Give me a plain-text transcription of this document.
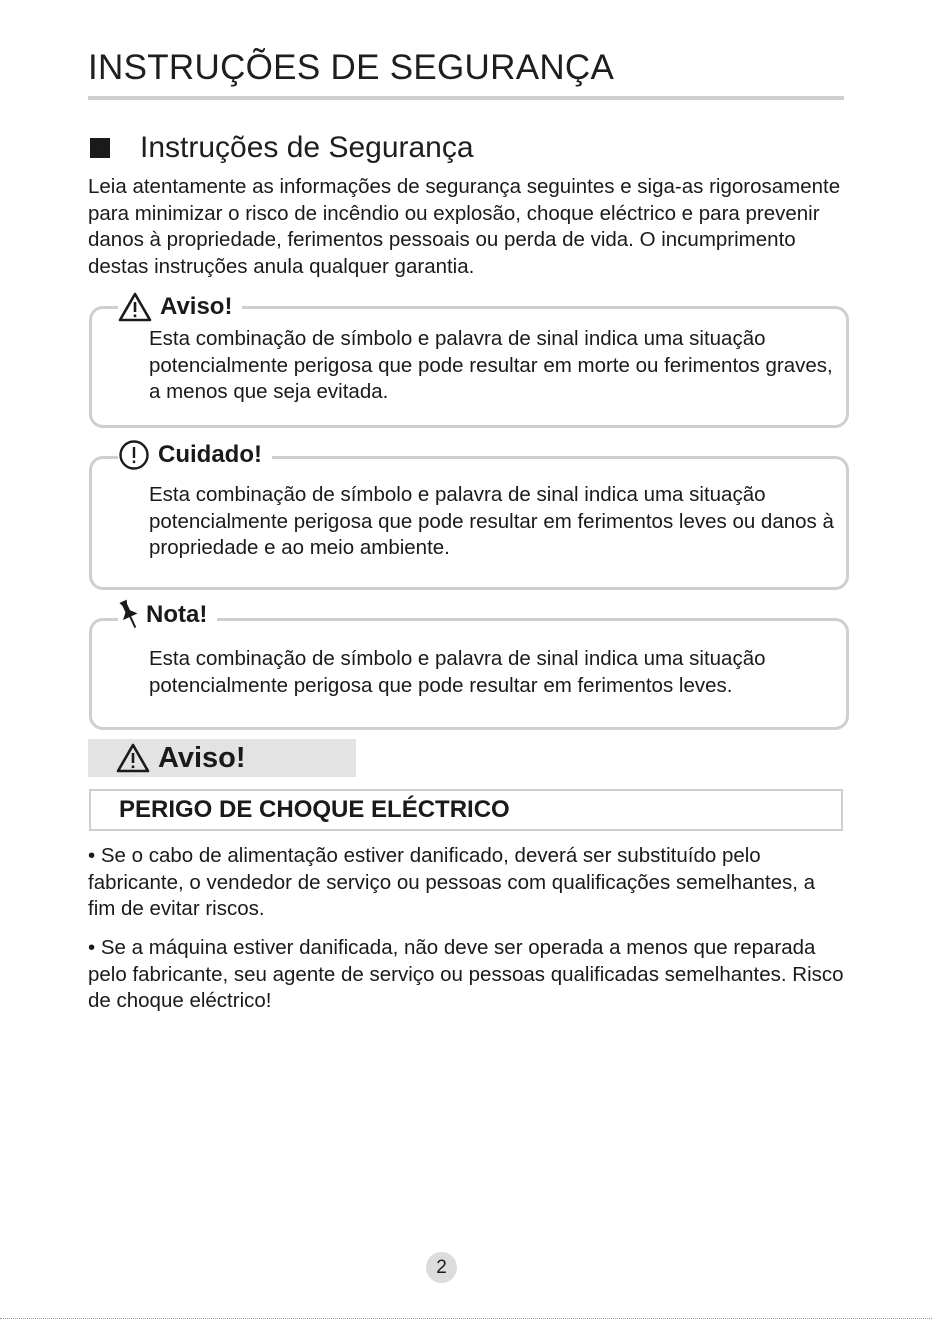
INSTRUÇÕES DE SEGURANÇA
Instruções de Segurança

Leia atentamente as informações de segurança seguintes e siga-as rigorosamente para minimizar o risco de incêndio ou explosão, choque eléctrico e para prevenir danos à propriedade, ferimentos pessoais ou perda de vida. O incumprimento destas instruções anula qualquer garantia.

Aviso!

Esta combinação de símbolo e palavra de sinal indica uma situação potencialmente perigosa que pode resultar em morte ou ferimentos graves, a menos que seja evitada.

Cuidado!

Esta combinação de símbolo e palavra de sinal indica uma situação potencialmente perigosa que pode resultar em ferimentos leves ou danos à propriedade e ao meio ambiente.

Nota!

Esta combinação de símbolo e palavra de sinal indica uma situação potencialmente perigosa que pode resultar em ferimentos leves.

Aviso!
PERIGO DE CHOQUE ELÉCTRICO

• Se o cabo de alimentação estiver danificado, deverá ser substituído pelo fabricante, o vendedor de serviço ou pessoas com qualificações semelhantes, a fim de evitar riscos.

• Se a máquina estiver danificada, não deve ser operada a menos que reparada pelo fabricante, seu agente de serviço ou pessoas qualificadas semelhantes. Risco de choque eléctrico!

2
